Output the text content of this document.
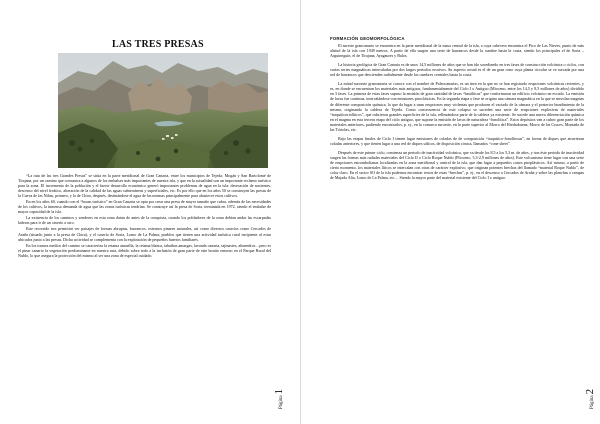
LAS TRES PRESAS

“La ruta de las tres Grandes Presas” se sitúa en la parte meridional de Gran Canaria, entre los municipios de Tejeda, Mogán y San Bartolomé de Tirajana, por un camino que comunica a algunos de los embalses más importantes de nuestra isla, y que en la actualidad son un importante reclamo turístico para la zona. El incremento de la población y el fuerte desarrollo económico generó importantes problemas de agua en la isla: desecación de nacientes, descenso del nivel freático, alteración de la calidad de las aguas subterráneas y superficiales, etc. Es por ello que en los años 50 se construyen las presas de la Cueva de las Niñas, primero, y la de Chira, después, destinándose el agua de las mismas principalmente para abastecer estos cultivos.

En en los años 60, cuando con el “boom turístico” en Gran Canaria se opta por crear una presa de mayor tamaño que cubra, además de las necesidades de los cultivos, la inmensa demanda de agua que las zonas turísticas tendrían. Se construye así la presa de Soria, terminada en 1972, siendo el embalse de mayor capacidad de la isla.

La existencia de los caminos y senderos en esta zona datan de antes de la conquista, cuando los pobladores de la zona debían andar las escarpadas laderas para ir de un caserío a otro.

Este recorrido nos permitirá ver paisajes de formas abruptas, barrancos, extensos pinares naturales, así como diversos caseríos como Cercados de Araña (situado junto a la presa de Chira), y el caserío de Soria, Lomo de La Palma; pueblos que tienen una actividad turística rural incipiente al estar ubicados junto a las presas. Dicha actividad se complementa con la explotación de pequeños huertos familiares.

En los tramos medios del camino se caracteriza la retama amarilla, la retama blanca, tabaibas amargas, lavanda canaria, tajinastes, almendros…pero es el pinar canario la vegetación predominante en nuestra ruta, debido sobre todo a la inclusión de gran parte de este bonito entorno en el Parque Rural del Nublo, lo que asegura la protección del mismo al ser una zona de especial cuidado.

Página
1
FORMACIÓN GEOMORFOLÓGICA

El sureste grancanario se encuentra en la parte meridional de la masa central de la isla, a cuya cabecera encuentra el Pico de Las Nieves, punto de más altitud de la isla con 1949 metros. A partir de ella surgen una serie de barrancos desde la cumbre hasta la costa, siendo los principales el de Soria –Arguineguín, el de Tirajana, Ayagaures y Balos.

La historia geológica de Gran Canaria es de unos 14,5 millones de años que se han ido sucediendo en tres fases de construcción volcánica o ciclos, con varias series magmáticas intercaladas por dos largos periodos erosivos. Su aspecto actual es el de un gran cono cuya planta circular se ve surcada por una red de barrancos que descienden radialmente desde las cumbres centrales hasta la costa.

La mitad suroeste grancanaria se conoce con el nombre de Paleocanarias, es un área en la que no se han registrado erupciones volcánicas recientes, y es, en donde se encuentran los materiales más antiguos, fundamentalmente del Ciclo I o Antiguo (Mioceno, entre los 14,5 y 8,5 millones de años) dividido en 3 fases. La primera de estas fases supuso la emisión de gran cantidad de lavas “basálticas” que conformaron un edificio volcánico en escudo. La emisión de lavas fue continua, intercalándose con emisiones piroclásticas. En la segunda etapa o fase se origina una cámara magmática en la que se mezclan magmas de diferente composición química, lo que da lugar a unas erupciones muy violentas que producen el vaciado de la cámara y el posterior hundimiento de la misma, originando la caldera de Tejeda. Como consecuencia de este colapso se suceden una serie de erupciones explosivas de materiales “traquiticoriolíticos”, que cubrieron grandes superficies de la isla, rellenándose parte de la caldera ya existente. Se sucede una nueva diferenciación química en el magma en esta tercera etapa del ciclo antiguo, que supone la emisión de lavas de naturaleza “fonolítica”. Estos depósitos van a cubrir gran parte de los materiales anteriores, pudiendo encontrarlos, p. ej., en la comarca suroeste, en la parte superior al Morro del Hierbabuena, Morro de las Cruces, Montaña de las Tórtolas, etc.

Bajo las etapas finales de Ciclo I tienen lugar emisiones de coladas de de composición “traquitico-fonolítosas”, en forma de diques que atraviesan coladas anteriores, y que tienen lugar a una red de diques sálicos, de disposición cónica, llamados “cone sheet”.

Después de este primer ciclo, comienza un periodo de inactividad volcánica, que va desde los 8,5 a los 5,3 m. de años, y tras éste periodo de inactividad surgen las formas más radiales materiales del Ciclo II o Ciclo Roque Nublo (Plioceno, 5,3-2,9 millones de años). Este volcanismo tiene lugar con una serie de erupciones estrombolianas localizadas en la zona meridional y central de la isla, que dan lugar a pequeños conos piroplásticos. Así mismo, a partir de cierto momento, los materiales líticos se intercalan con otras de carácter explosivo, que originan potentes brechas del llamado “material Roque Nublo”, de color claro. En el sector SO de la isla podemos encontrar restos de estas “brechas”, p. ej., en el descenso a Cercados de Araña y sobre las planchas o rampas de Majada Alta, Lomo de La Palma, etc… Siendo la mayor parte del material existente del Ciclo I o antiguo.

Página
2
